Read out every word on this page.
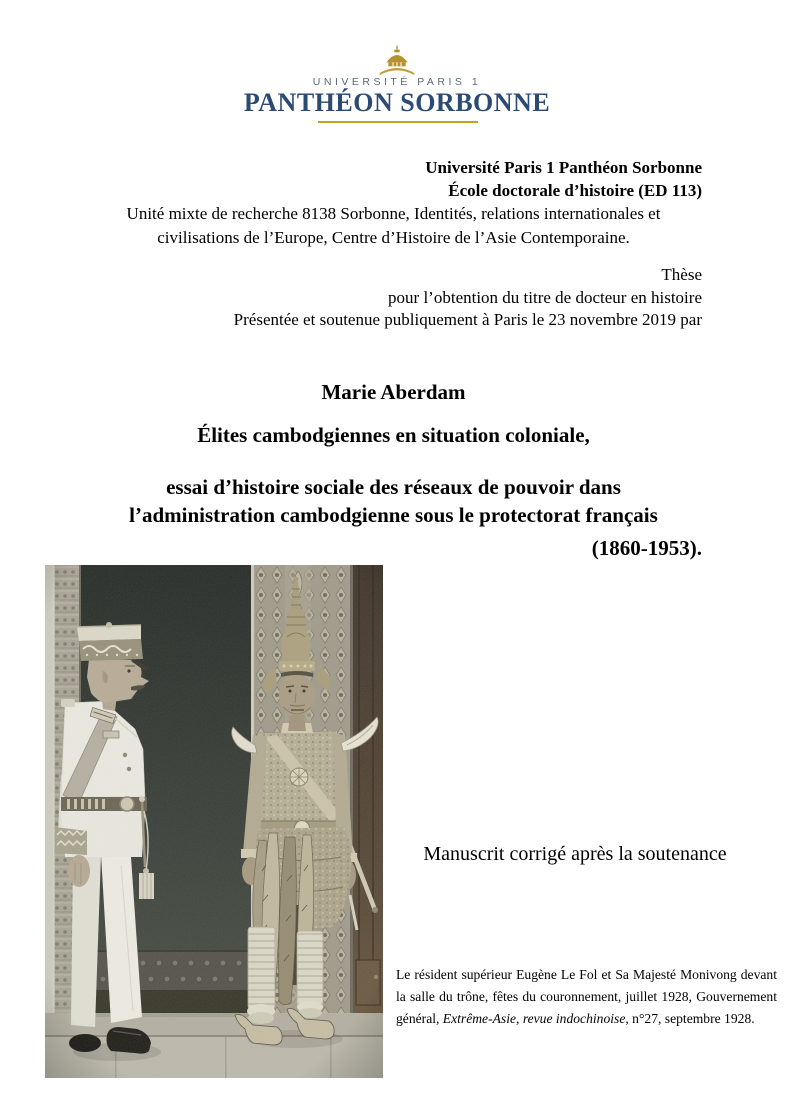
UNIVERSITÉ PARIS 1
PANTHÉON SORBONNE
Université Paris 1 Panthéon Sorbonne
École doctorale d’histoire (ED 113)
Unité mixte de recherche 8138 Sorbonne, Identités, relations internationales et
civilisations de l’Europe, Centre d’Histoire de l’Asie Contemporaine.
Thèse
pour l’obtention du titre de docteur en histoire
Présentée et soutenue publiquement à Paris le 23 novembre 2019 par
Marie Aberdam
Élites cambodgiennes en situation coloniale,
essai d’histoire sociale des réseaux de pouvoir dans
l’administration cambodgienne sous le protectorat français
(1860-1953).
Manuscrit corrigé après la soutenance
Le résident supérieur Eugène Le Fol et Sa Majesté Monivong devant la salle du trône, fêtes du couronnement, juillet 1928, Gouvernement général, Extrême-Asie, revue indochinoise, n°27, septembre 1928.
